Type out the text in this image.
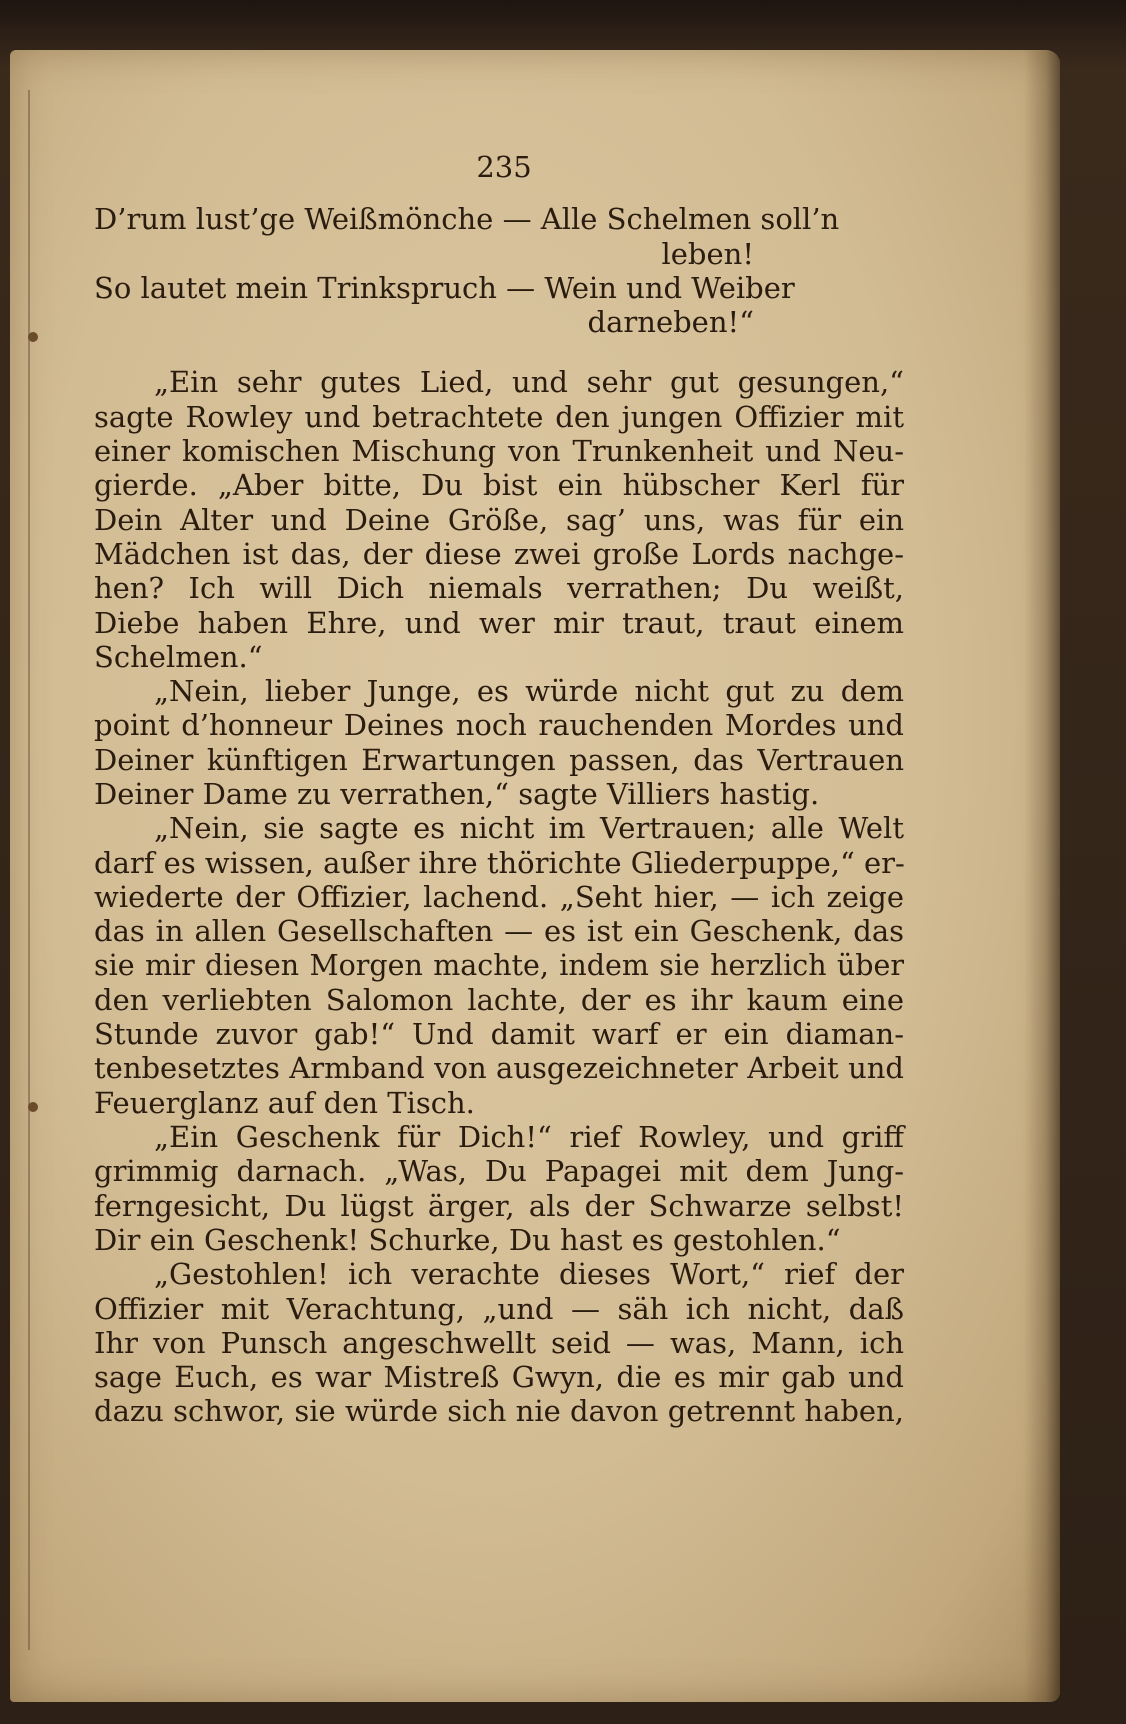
235
D’rum lust’ge Weißmönche — Alle Schelmen soll’n
leben!
So lautet mein Trinkspruch — Wein und Weiber
darneben!“
„Ein sehr gutes Lied, und sehr gut gesungen,“
sagte Rowley und betrachtete den jungen Offizier mit
einer komischen Mischung von Trunkenheit und Neu-
gierde. „Aber bitte, Du bist ein hübscher Kerl für
Dein Alter und Deine Größe, sag’ uns, was für ein
Mädchen ist das, der diese zwei große Lords nachge-
hen? Ich will Dich niemals verrathen; Du weißt,
Diebe haben Ehre, und wer mir traut, traut einem
Schelmen.“
„Nein, lieber Junge, es würde nicht gut zu dem
point d’honneur Deines noch rauchenden Mordes und
Deiner künftigen Erwartungen passen, das Vertrauen
Deiner Dame zu verrathen,“ sagte Villiers hastig.
„Nein, sie sagte es nicht im Vertrauen; alle Welt
darf es wissen, außer ihre thörichte Gliederpuppe,“ er-
wiederte der Offizier, lachend. „Seht hier, — ich zeige
das in allen Gesellschaften — es ist ein Geschenk, das
sie mir diesen Morgen machte, indem sie herzlich über
den verliebten Salomon lachte, der es ihr kaum eine
Stunde zuvor gab!“ Und damit warf er ein diaman-
tenbesetztes Armband von ausgezeichneter Arbeit und
Feuerglanz auf den Tisch.
„Ein Geschenk für Dich!“ rief Rowley, und griff
grimmig darnach. „Was, Du Papagei mit dem Jung-
ferngesicht, Du lügst ärger, als der Schwarze selbst!
Dir ein Geschenk! Schurke, Du hast es gestohlen.“
„Gestohlen! ich verachte dieses Wort,“ rief der
Offizier mit Verachtung, „und — säh ich nicht, daß
Ihr von Punsch angeschwellt seid — was, Mann, ich
sage Euch, es war Mistreß Gwyn, die es mir gab und
dazu schwor, sie würde sich nie davon getrennt haben,
